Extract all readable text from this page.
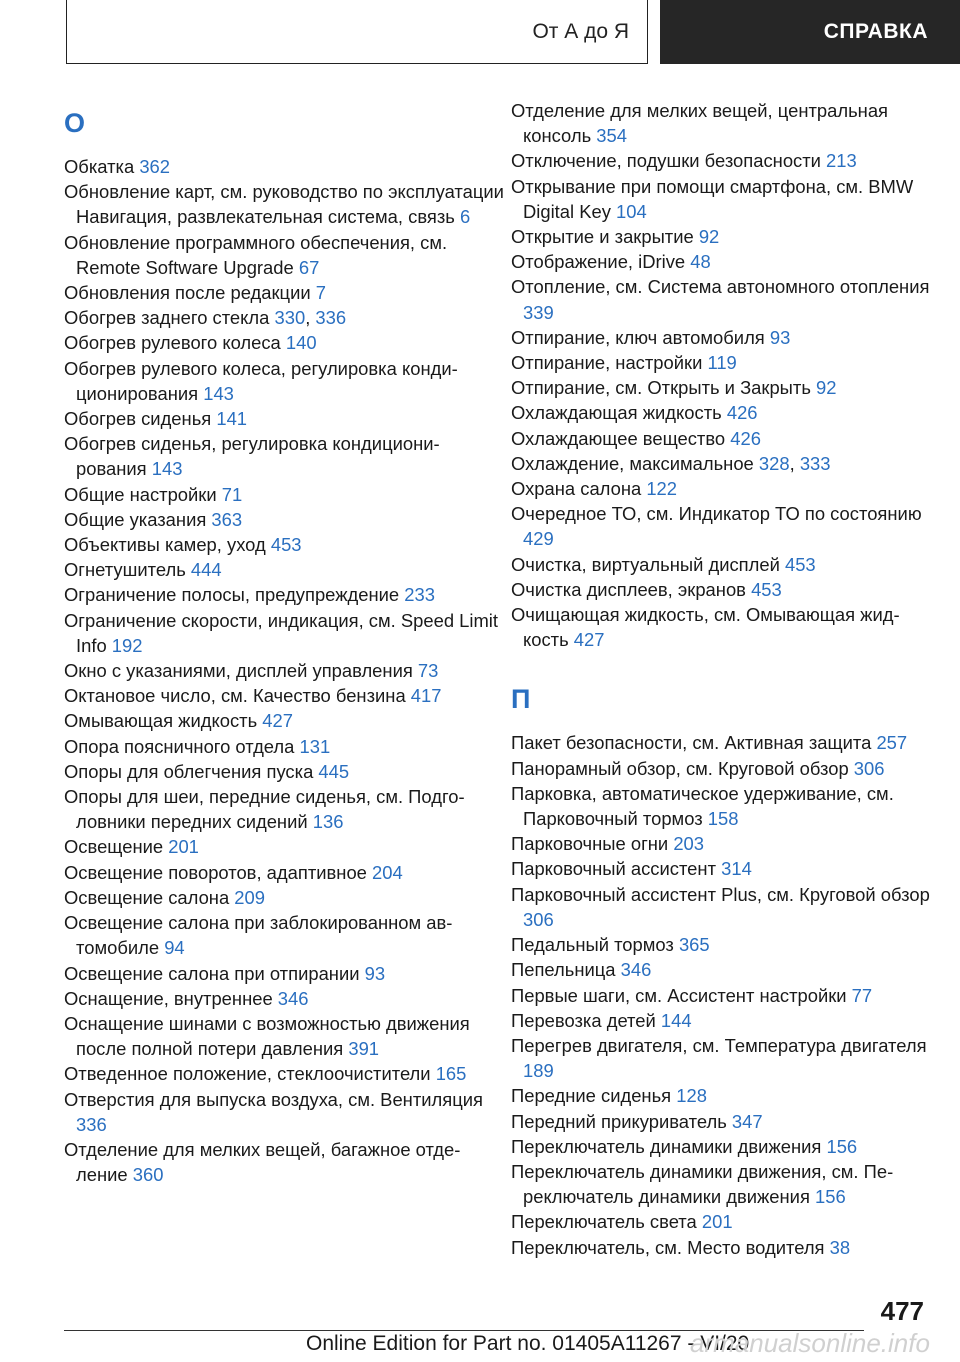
От А до Я	СПРАВКА
О
Обкатка 362
Обновление карт, см. руководство по эксплуатации Навигация, развлекательная система, связь 6
Обновление программного обеспечения, см. Remote Software Upgrade 67
Обновления после редакции 7
Обогрев заднего стекла 330, 336
Обогрев рулевого колеса 140
Обогрев рулевого колеса, регулировка кондиционирования 143
Обогрев сиденья 141
Обогрев сиденья, регулировка кондиционирования 143
Общие настройки 71
Общие указания 363
Объективы камер, уход 453
Огнетушитель 444
Ограничение полосы, предупреждение 233
Ограничение скорости, индикация, см. Speed Limit Info 192
Окно с указаниями, дисплей управления 73
Октановое число, см. Качество бензина 417
Омывающая жидкость 427
Опора поясничного отдела 131
Опоры для облегчения пуска 445
Опоры для шеи, передние сиденья, см. Подголовники передних сидений 136
Освещение 201
Освещение поворотов, адаптивное 204
Освещение салона 209
Освещение салона при заблокированном автомобиле 94
Освещение салона при отпирании 93
Оснащение, внутреннее 346
Оснащение шинами с возможностью движения после полной потери давления 391
Отведенное положение, стеклоочистители 165
Отверстия для выпуска воздуха, см. Вентиляция 336
Отделение для мелких вещей, багажное отделение 360
Отделение для мелких вещей, центральная консоль 354
Отключение, подушки безопасности 213
Открывание при помощи смартфона, см. BMW Digital Key 104
Открытие и закрытие 92
Отображение, iDrive 48
Отопление, см. Система автономного отопления 339
Отпирание, ключ автомобиля 93
Отпирание, настройки 119
Отпирание, см. Открыть и Закрыть 92
Охлаждающая жидкость 426
Охлаждающее вещество 426
Охлаждение, максимальное 328, 333
Охрана салона 122
Очередное ТО, см. Индикатор ТО по состоянию 429
Очистка, виртуальный дисплей 453
Очистка дисплеев, экранов 453
Очищающая жидкость, см. Омывающая жидкость 427
П
Пакет безопасности, см. Активная защита 257
Панорамный обзор, см. Круговой обзор 306
Парковка, автоматическое удерживание, см. Парковочный тормоз 158
Парковочные огни 203
Парковочный ассистент 314
Парковочный ассистент Plus, см. Круговой обзор 306
Педальный тормоз 365
Пепельница 346
Первые шаги, см. Ассистент настройки 77
Перевозка детей 144
Перегрев двигателя, см. Температура двигателя 189
Передние сиденья 128
Передний прикуриватель 347
Переключатель динамики движения 156
Переключатель динамики движения, см. Переключатель динамики движения 156
Переключатель света 201
Переключатель, см. Место водителя 38
477
Online Edition for Part no. 01405A11267 - VI/20
armanualsonline.info
